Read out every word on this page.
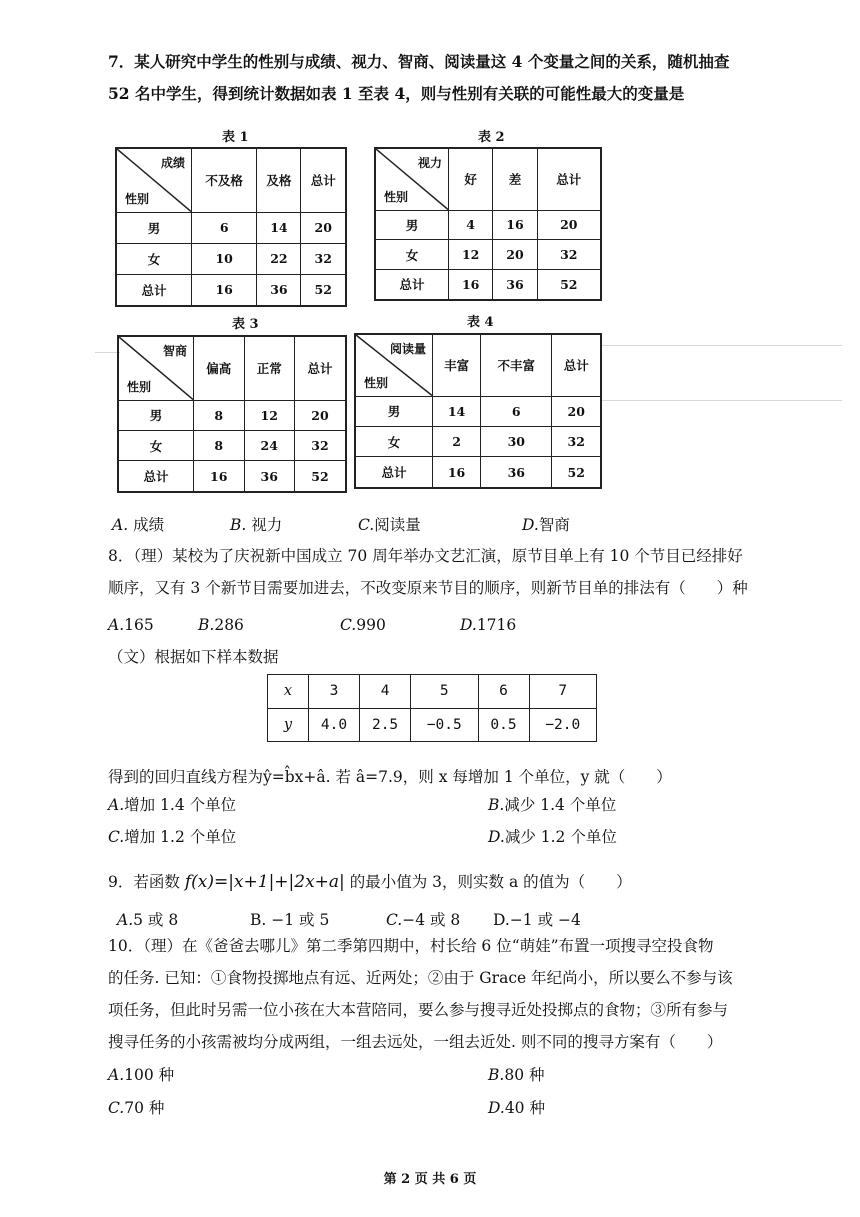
7．某人研究中学生的性别与成绩、视力、智商、阅读量这 4 个变量之间的关系，随机抽查
52 名中学生，得到统计数据如表 1 至表 4，则与性别有关联的可能性最大的变量是
表 1
成绩
性别	不及格	及格	总计
男	6	14	20
女	10	22	32
总计	16	36	52
表 2
视力
性别	好	差	总计
男	4	16	20
女	12	20	32
总计	16	36	52
表 3
智商
性别	偏高	正常	总计
男	8	12	20
女	8	24	32
总计	16	36	52
表 4
阅读量
性别	丰富	不丰富	总计
男	14	6	20
女	2	30	32
总计	16	36	52
A. 成绩	B. 视力	C.阅读量	D.智商
8．（理）某校为了庆祝新中国成立 70 周年举办文艺汇演，原节目单上有 10 个节目已经排好
顺序，又有 3 个新节目需要加进去，不改变原来节目的顺序，则新节目单的排法有（　　）种
A.165	B.286	C.990	D.1716
（文）根据如下样本数据
x	3	4	5	6	7
y	4.0	2.5	−0.5	0.5	−2.0
得到的回归直线方程为ŷ=b̂x+â. 若 â=7.9，则 x 每增加 1 个单位，y 就（　　）
A.增加 1.4 个单位	B.减少 1.4 个单位
C.增加 1.2 个单位	D.减少 1.2 个单位
9．若函数 f(x)=|x+1|+|2x+a| 的最小值为 3，则实数 a 的值为（　　）
A.5 或 8	B. −1 或 5	C.−4 或 8 D.−1 或 −4
10．（理）在《爸爸去哪儿》第二季第四期中，村长给 6 位“萌娃”布置一项搜寻空投食物
的任务. 已知：①食物投掷地点有远、近两处；②由于 Grace 年纪尚小，所以要么不参与该
项任务，但此时另需一位小孩在大本营陪同，要么参与搜寻近处投掷点的食物；③所有参与
搜寻任务的小孩需被均分成两组，一组去远处，一组去近处. 则不同的搜寻方案有（　　）
A.100 种	B.80 种
C.70 种	D.40 种
第 2 页 共 6 页
